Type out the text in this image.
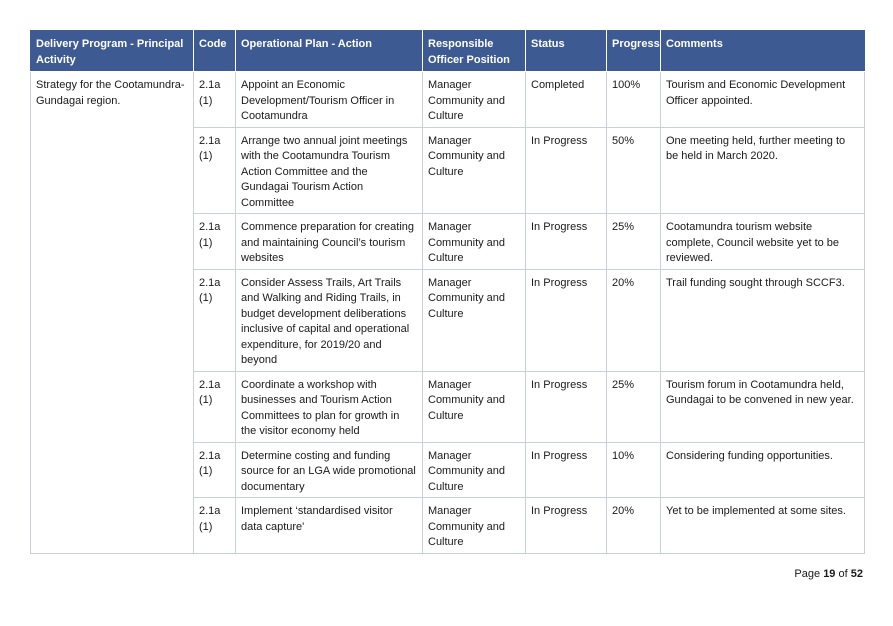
Delivery Program - Principal Activity	Code	Operational Plan - Action	Responsible Officer Position	Status	Progress	Comments
Strategy for the Cootamundra-Gundagai region.	2.1a (1)	Appoint an Economic Development/Tourism Officer in Cootamundra	Manager Community and Culture	Completed	100%	Tourism and Economic Development Officer appointed.
	2.1a (1)	Arrange two annual joint meetings with the Cootamundra Tourism Action Committee and the Gundagai Tourism Action Committee	Manager Community and Culture	In Progress	50%	One meeting held, further meeting to be held in March 2020.
	2.1a (1)	Commence preparation for creating and maintaining Council’s tourism websites	Manager Community and Culture	In Progress	25%	Cootamundra tourism website complete, Council website yet to be reviewed.
	2.1a (1)	Consider Assess Trails, Art Trails and Walking and Riding Trails, in budget development deliberations inclusive of capital and operational expenditure, for 2019/20 and beyond	Manager Community and Culture	In Progress	20%	Trail funding sought through SCCF3.
	2.1a (1)	Coordinate a workshop with businesses and Tourism Action Committees to plan for growth in the visitor economy held	Manager Community and Culture	In Progress	25%	Tourism forum in Cootamundra held, Gundagai to be convened in new year.
	2.1a (1)	Determine costing and funding source for an LGA wide promotional documentary	Manager Community and Culture	In Progress	10%	Considering funding opportunities.
	2.1a (1)	Implement ‘standardised visitor data capture'	Manager Community and Culture	In Progress	20%	Yet to be implemented at some sites.
Page 19 of 52
